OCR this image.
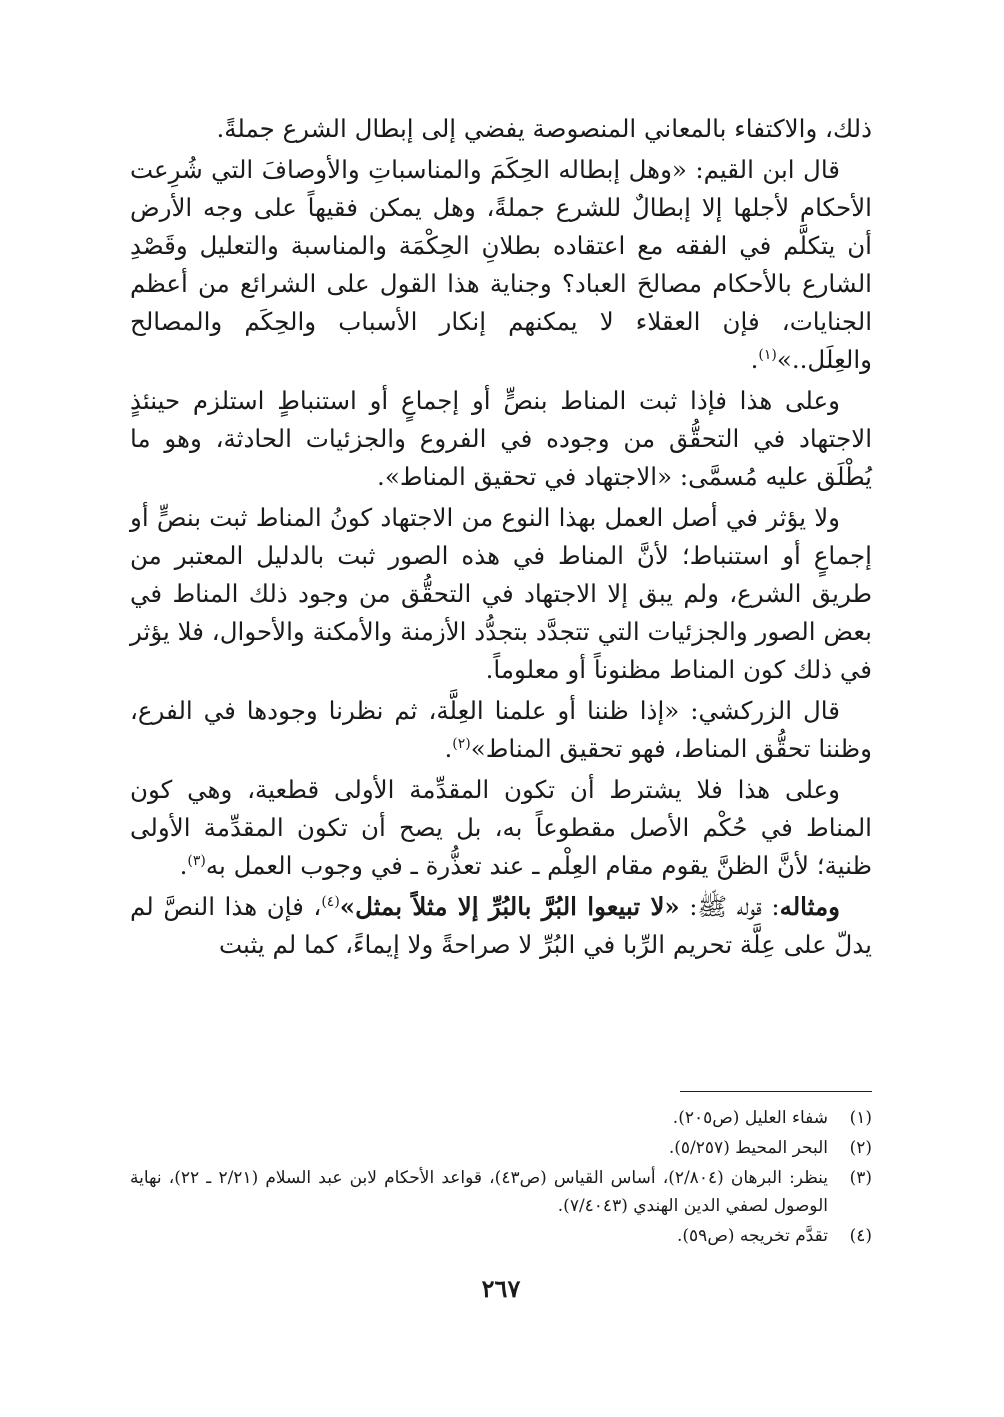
ذلك، والاكتفاء بالمعاني المنصوصة يفضي إلى إبطال الشرع جملةً.

قال ابن القيم: «وهل إبطاله الحِكَمَ والمناسباتِ والأوصافَ التي شُرِعت الأحكام لأجلها إلا إبطالٌ للشرع جملةً، وهل يمكن فقيهاً على وجه الأرض أن يتكلَّم في الفقه مع اعتقاده بطلانِ الحِكْمَة والمناسبة والتعليل وقَصْدِ الشارع بالأحكام مصالحَ العباد؟ وجناية هذا القول على الشرائع من أعظم الجنايات، فإن العقلاء لا يمكنهم إنكار الأسباب والحِكَم والمصالح والعِلَل..»$^{(١)}$.

وعلى هذا فإذا ثبت المناط بنصٍّ أو إجماعٍ أو استنباطٍ استلزم حينئذٍ الاجتهاد في التحقُّق من وجوده في الفروع والجزئيات الحادثة، وهو ما يُطْلَق عليه مُسمَّى: «الاجتهاد في تحقيق المناط».

ولا يؤثر في أصل العمل بهذا النوع من الاجتهاد كونُ المناط ثبت بنصٍّ أو إجماعٍ أو استنباط؛ لأنَّ المناط في هذه الصور ثبت بالدليل المعتبر من طريق الشرع، ولم يبق إلا الاجتهاد في التحقُّق من وجود ذلك المناط في بعض الصور والجزئيات التي تتجدَّد بتجدُّد الأزمنة والأمكنة والأحوال، فلا يؤثر في ذلك كون المناط مظنوناً أو معلوماً.

قال الزركشي: «إذا ظننا أو علمنا العِلَّة، ثم نظرنا وجودها في الفرع، وظننا تحقُّق المناط، فهو تحقيق المناط»$^{(٢)}$.

وعلى هذا فلا يشترط أن تكون المقدِّمة الأولى قطعية، وهي كون المناط في حُكْم الأصل مقطوعاً به، بل يصح أن تكون المقدِّمة الأولى ظنية؛ لأنَّ الظنَّ يقوم مقام العِلْم ـ عند تعذُّرة ـ في وجوب العمل به$^{(٣)}$.

ومثاله: قوله ﷺ: «لا تبيعوا البُرَّ بالبُرِّ إلا مثلاً بمثل»$^{(٤)}$، فإن هذا النصَّ لم يدلّ على عِلَّة تحريم الرِّبا في البُرِّ لا صراحةً ولا إيماءً، كما لم يثبت

(١)
شفاء العليل (ص٢٠٥).
(٢)
البحر المحيط (٥/٢٥٧).
(٣)
ينظر: البرهان (٢/٨٠٤)، أساس القياس (ص٤٣)، قواعد الأحكام لابن عبد السلام (٢/٢١ ـ ٢٢)، نهاية الوصول لصفي الدين الهندي (٧/٤٠٤٣).
(٤)
تقدَّم تخريجه (ص٥٩).
٢٦٧
